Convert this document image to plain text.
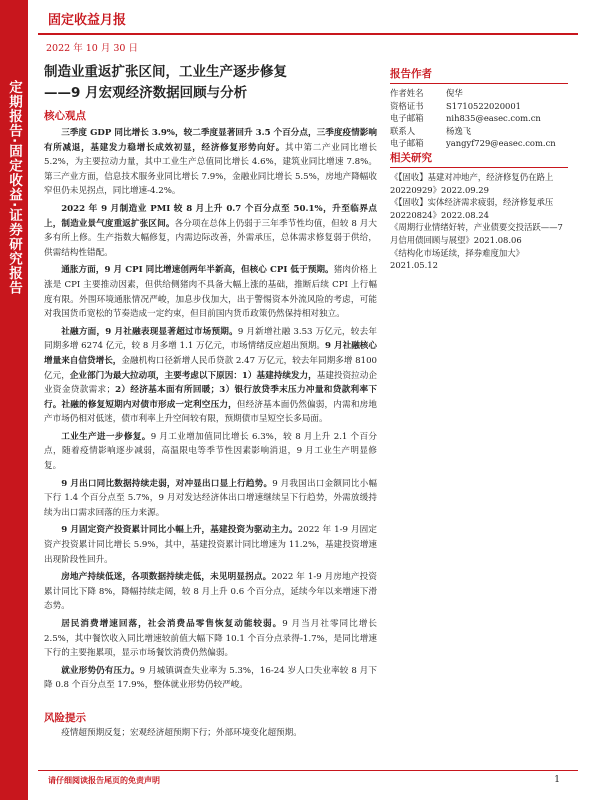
定期报告·固定收益·证券研究报告
固定收益月报
2022 年 10 月 30 日
制造业重返扩张区间，工业生产逐步修复
——9 月宏观经济数据回顾与分析
核心观点

三季度 GDP 同比增长 3.9%，较二季度显著回升 3.5 个百分点，三季度疫情影响有所减退，基建发力稳增长成效初显，经济修复形势向好。其中第二产业同比增长 5.2%，为主要拉动力量，其中工业生产总值同比增长 4.6%，建筑业同比增速 7.8%。第三产业方面，信息技术服务业同比增长 7.9%，金融业同比增长 5.5%，房地产降幅收窄但仍未见拐点，同比增速-4.2%。

2022 年 9 月制造业 PMI 较 8 月上升 0.7 个百分点至 50.1%，升至临界点上，制造业景气度重返扩张区间。各分项在总体上仍弱于三年季节性均值，但较 8 月大多有所上修。生产指数大幅修复，内需边际改善，外需承压，总体需求修复弱于供给，供需结构性错配。

通胀方面，9 月 CPI 同比增速创两年半新高，但核心 CPI 低于预期。猪肉价格上涨是 CPI 主要推动因素，但供给侧猪肉不具备大幅上涨的基础，推断后续 CPI 上行幅度有限。外围环境通胀情况严峻，加息步伐加大，出于警惕资本外流风险的考虑，可能对我国货币宽松的节奏造成一定约束，但目前国内货币政策仍然保持相对独立。

社融方面，9 月社融表现显著超过市场预期。9 月新增社融 3.53 万亿元，较去年同期多增 6274 亿元，较 8 月多增 1.1 万亿元，市场情绪反应超出预期。9 月社融核心增量来自信贷增长，金融机构口径新增人民币贷款 2.47 万亿元，较去年同期多增 8100 亿元，企业部门为最大拉动项，主要考虑以下原因：1）基建持续发力，基建投资拉动企业资金贷款需求；2）经济基本面有所回暖；3）银行放贷季末压力冲量和贷款利率下行。社融的修复短期内对债市形成一定利空压力，但经济基本面仍然偏弱，内需和房地产市场仍相对低迷，债市利率上升空间较有限，预期债市呈短空长多局面。

工业生产进一步修复。9 月工业增加值同比增长 6.3%，较 8 月上升 2.1 个百分点，随着疫情影响逐步减弱，高温限电等季节性因素影响消退，9 月工业生产明显修复。

9 月出口同比数据持续走弱，对冲显出口显上行趋势。9 月我国出口金额同比小幅下行 1.4 个百分点至 5.7%，9 月对发达经济体出口增速继续呈下行趋势，外需放缓持续为出口需求回落的压力来源。

9 月固定资产投资累计同比小幅上升，基建投资为驱动主力。2022 年 1-9 月固定资产投资累计同比增长 5.9%，其中，基建投资累计同比增速为 11.2%，基建投资增速出现阶段性回升。

房地产持续低迷，各项数据持续走低，未见明显拐点。2022 年 1-9 月房地产投资累计同比下降 8%，降幅持续走阔，较 8 月上升 0.6 个百分点，延续今年以来增速下滑态势。

居民消费增速回落，社会消费品零售恢复动能较弱。9 月当月社零同比增长 2.5%，其中餐饮收入同比增速较前值大幅下降 10.1 个百分点录得-1.7%，是同比增速下行的主要拖累项，显示市场餐饮消费仍然偏弱。

就业形势仍有压力。9 月城镇调查失业率为 5.3%，16-24 岁人口失业率较 8 月下降 0.8 个百分点至 17.9%，整体就业形势仍较严峻。

风险提示
疫情超预期反复；宏观经济超预期下行；外部环境变化超预期。
报告作者
作者姓名	倪华
资格证书	S1710522020001
电子邮箱	nih835@easec.com.cn
联系人	杨逸飞
电子邮箱	yangyf729@easec.com.cn
相关研究
《【固收】基建对冲地产，经济修复仍在路上 20220929》2022.09.29
《【固收】实体经济需求疲弱，经济修复承压 20220824》2022.08.24
《周期行业情绪好转，产业债要交投活跃——7 月信用债回顾与展望》2021.08.06
《结构化市场延续，择券难度加大》2021.05.12
请仔细阅读报告尾页的免责声明	1
